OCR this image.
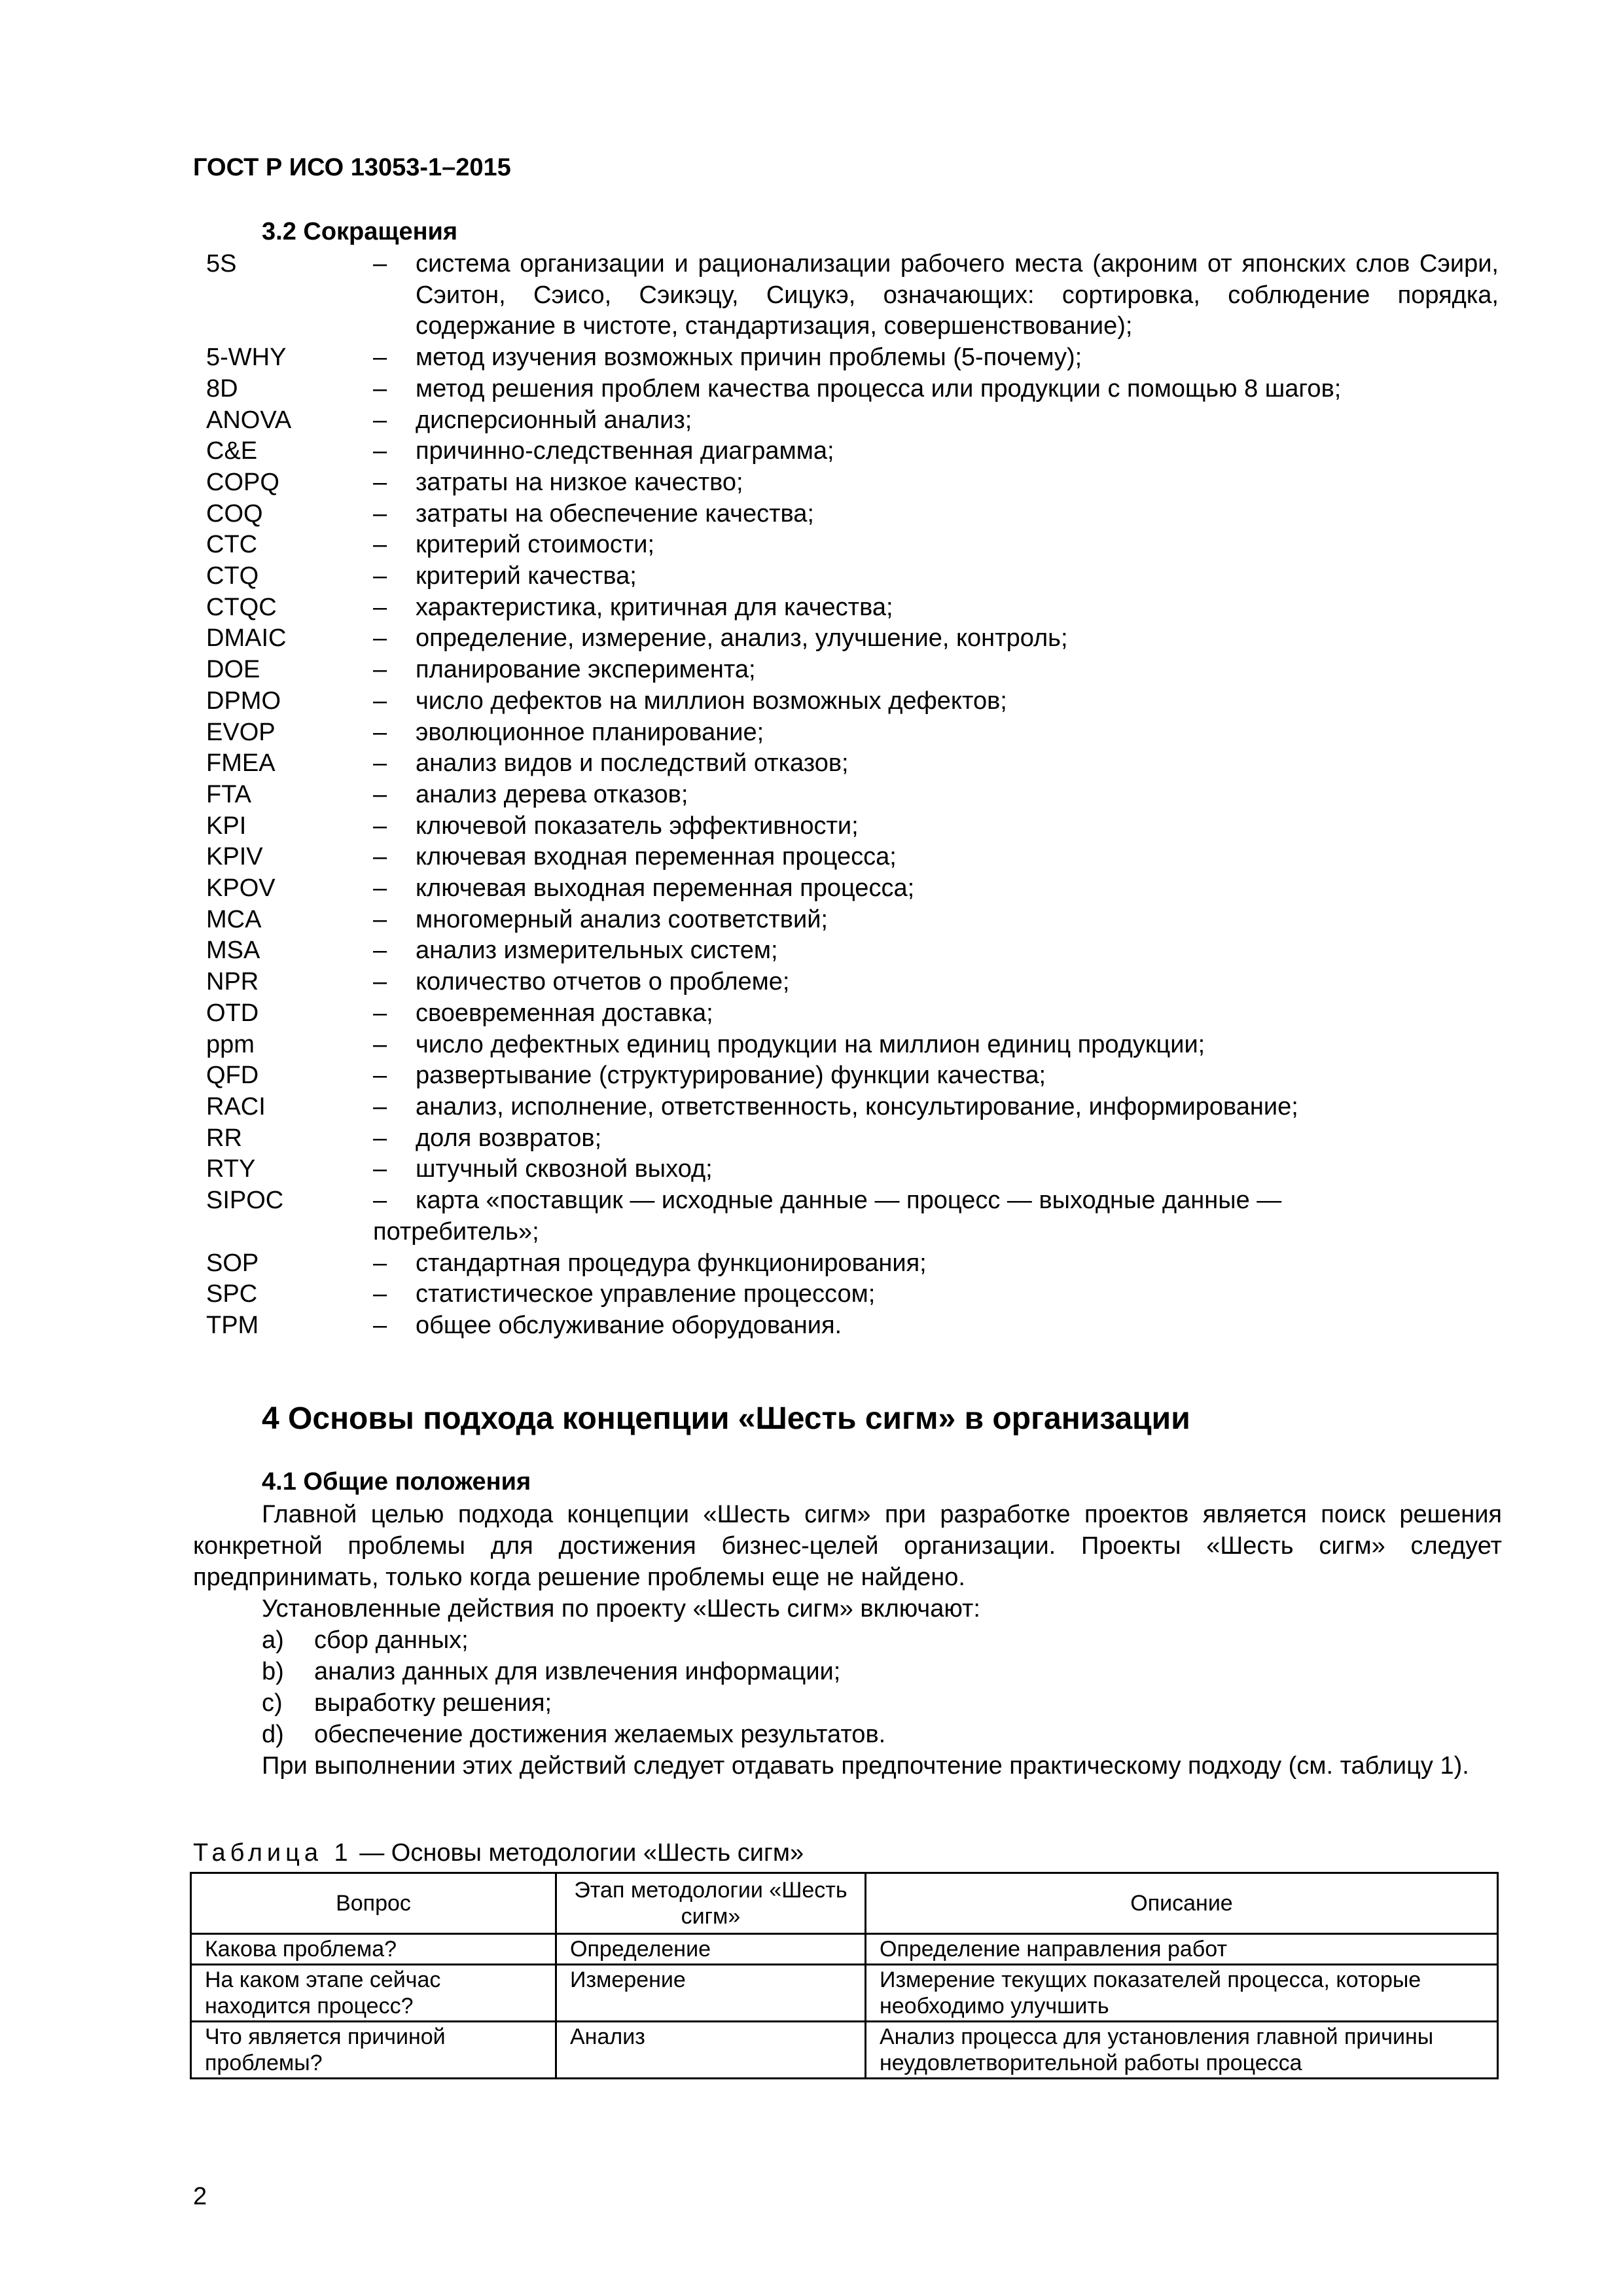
ГОСТ Р ИСО 13053-1–2015
3.2 Сокращения
5S	– система организации и рационализации рабочего места (акроним от японских слов Сэири, Сэитон, Сэисо, Сэикэцу, Сицукэ, означающих: сортировка, соблюдение порядка, содержание в чистоте, стандартизация, совершенствование);
5-WHY	– метод изучения возможных причин проблемы (5-почему);
8D	– метод решения проблем качества процесса или продукции с помощью 8 шагов;
ANOVA	– дисперсионный анализ;
C&E	– причинно-следственная диаграмма;
COPQ	– затраты на низкое качество;
COQ	– затраты на обеспечение качества;
CTC	– критерий стоимости;
CTQ	– критерий качества;
CTQC	– характеристика, критичная для качества;
DMAIC	– определение, измерение, анализ, улучшение, контроль;
DOE	– планирование эксперимента;
DPMO	– число дефектов на миллион возможных дефектов;
EVOP	– эволюционное планирование;
FMEA	– анализ видов и последствий отказов;
FTA	– анализ дерева отказов;
KPI	– ключевой показатель эффективности;
KPIV	– ключевая входная переменная процесса;
KPOV	– ключевая выходная переменная процесса;
MCA	– многомерный анализ соответствий;
MSA	– анализ измерительных систем;
NPR	– количество отчетов о проблеме;
OTD	– своевременная доставка;
ppm	– число дефектных единиц продукции на миллион единиц продукции;
QFD	– развертывание (структурирование) функции качества;
RACI	– анализ, исполнение, ответственность, консультирование, информирование;
RR	– доля возвратов;
RTY	– штучный сквозной выход;
SIPOC	– карта «поставщик — исходные данные — процесс — выходные данные —
потребитель»;
SOP	– стандартная процедура функционирования;
SPC	– статистическое управление процессом;
TPM	– общее обслуживание оборудования.
4 Основы подхода концепции «Шесть сигм» в организации
4.1 Общие положения

Главной целью подхода концепции «Шесть сигм» при разработке проектов является поиск решения конкретной проблемы для достижения бизнес-целей организации. Проекты «Шесть сигм» следует предпринимать, только когда решение проблемы еще не найдено.

Установленные действия по проекту «Шесть сигм» включают:

a) сбор данных;
b) анализ данных для извлечения информации;
c) выработку решения;
d) обеспечение достижения желаемых результатов.

При выполнении этих действий следует отдавать предпочтение практическому подходу (см. таблицу 1).

Таблица 1 — Основы методологии «Шесть сигм»
Вопрос	Этап методологии «Шесть сигм»	Описание
Какова проблема?	Определение	Определение направления работ
На каком этапе сейчас находится процесс?	Измерение	Измерение текущих показателей процесса, которые необходимо улучшить
Что является причиной проблемы?	Анализ	Анализ процесса для установления главной причины неудовлетворительной работы процесса
2
